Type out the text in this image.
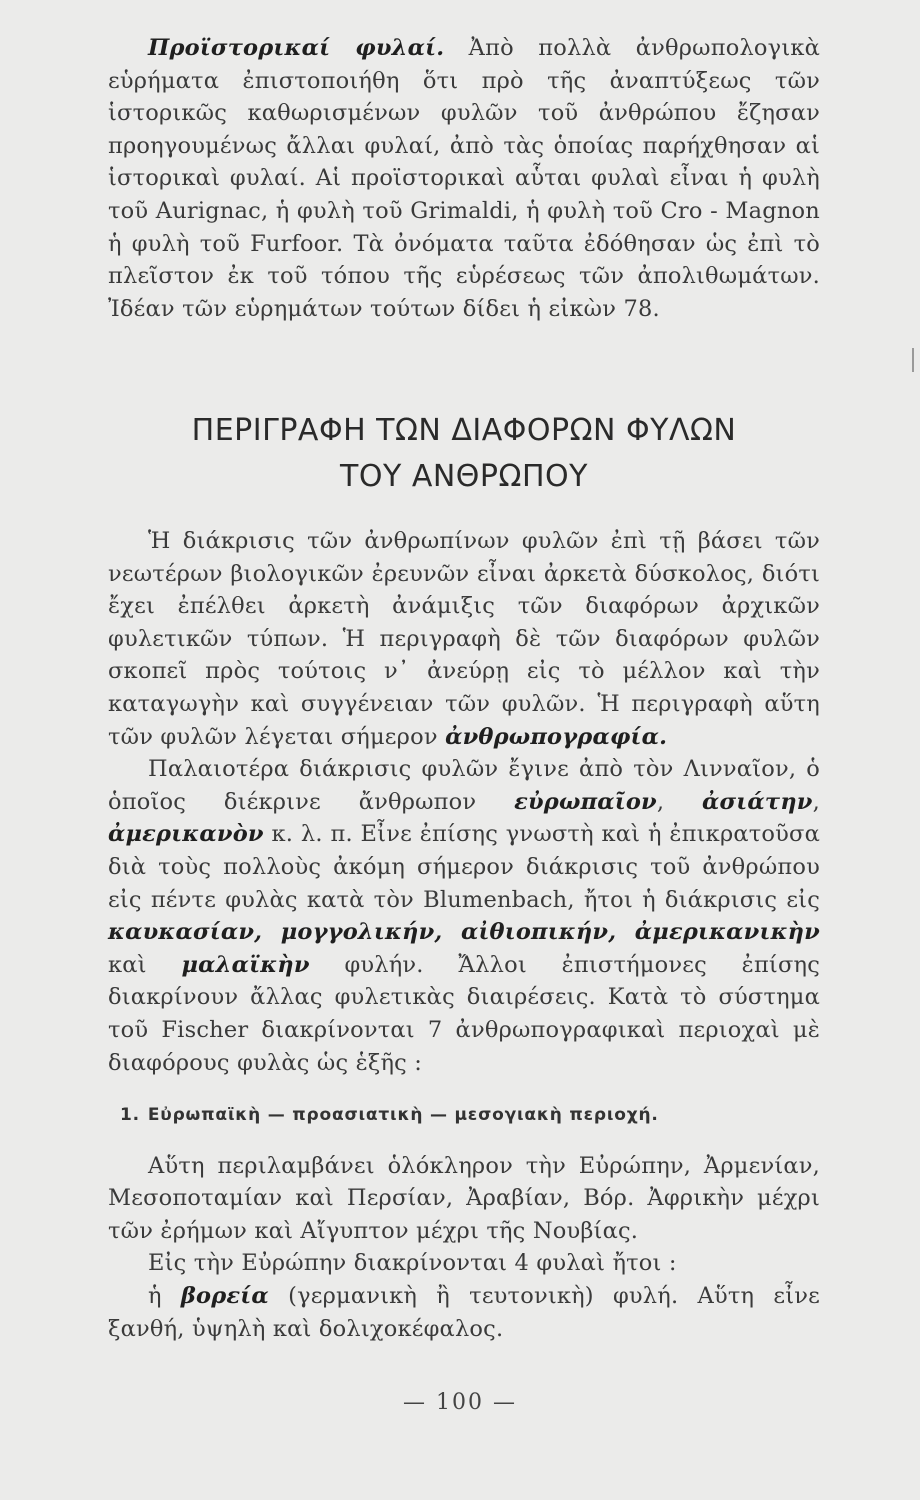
Προϊστορικαί φυλαί. Ἀπὸ πολλὰ ἀνθρωπολογικὰ εὑρήματα ἐπιστοποιήθη ὅτι πρὸ τῆς ἀναπτύξεως τῶν ἱστορικῶς καθωρισμένων φυλῶν τοῦ ἀνθρώπου ἔζησαν προηγουμένως ἄλλαι φυλαί, ἀπὸ τὰς ὁποίας παρήχθησαν αἱ ἱστορικαὶ φυλαί. Αἱ προϊστορικαὶ αὗται φυλαὶ εἶναι ἡ φυλὴ τοῦ Aurignac, ἡ φυλὴ τοῦ Grimaldi, ἡ φυλὴ τοῦ Cro - Magnon ἡ φυλὴ τοῦ Furfoor. Τὰ ὀνόματα ταῦτα ἐδόθησαν ὡς ἐπὶ τὸ πλεῖστον ἐκ τοῦ τόπου τῆς εὑρέσεως τῶν ἀπολιθωμάτων. Ἰδέαν τῶν εὑρημάτων τούτων δίδει ἡ εἰκὼν 78.

ΠΕΡΙΓΡΑΦΗ ΤΩΝ ΔΙΑΦΟΡΩΝ ΦΥΛΩΝ
ΤΟΥ ΑΝΘΡΩΠΟΥ

Ἡ διάκρισις τῶν ἀνθρωπίνων φυλῶν ἐπὶ τῇ βάσει τῶν νεωτέρων βιολογικῶν ἐρευνῶν εἶναι ἀρκετὰ δύσκολος, διότι ἔχει ἐπέλθει ἀρκετὴ ἀνάμιξις τῶν διαφόρων ἀρχικῶν φυλετικῶν τύπων. Ἡ περιγραφὴ δὲ τῶν διαφόρων φυλῶν σκοπεῖ πρὸς τούτοις ν᾽ ἀνεύρῃ εἰς τὸ μέλλον καὶ τὴν καταγωγὴν καὶ συγγένειαν τῶν φυλῶν. Ἡ περιγραφὴ αὕτη τῶν φυλῶν λέγεται σήμερον ἀνθρωπογραφία.

Παλαιοτέρα διάκρισις φυλῶν ἔγινε ἀπὸ τὸν Λινναῖον, ὁ ὁποῖος διέκρινε ἄνθρωπον εὐρωπαῖον, ἀσιάτην, ἀμερικανὸν κ. λ. π. Εἶνε ἐπίσης γνωστὴ καὶ ἡ ἐπικρατοῦσα διὰ τοὺς πολλοὺς ἀκόμη σήμερον διάκρισις τοῦ ἀνθρώπου εἰς πέντε φυλὰς κατὰ τὸν Blumenbach, ἤτοι ἡ διάκρισις εἰς καυκασίαν, μογγολικήν, αἰθιοπικήν, ἀμερικανικὴν καὶ μαλαϊκὴν φυλήν. Ἄλλοι ἐπιστήμονες ἐπίσης διακρίνουν ἄλλας φυλετικὰς διαιρέσεις. Κατὰ τὸ σύστημα τοῦ Fischer διακρίνονται 7 ἀνθρωπογραφικαὶ περιοχαὶ μὲ διαφόρους φυλὰς ὡς ἑξῆς :

1. Εὐρωπαϊκὴ — προασιατικὴ — μεσογιακὴ περιοχή.

Αὕτη περιλαμβάνει ὁλόκληρον τὴν Εὐρώπην, Ἀρμενίαν, Μεσοποταμίαν καὶ Περσίαν, Ἀραβίαν, Βόρ. Ἀφρικὴν μέχρι τῶν ἐρήμων καὶ Αἴγυπτον μέχρι τῆς Νουβίας.

Εἰς τὴν Εὐρώπην διακρίνονται 4 φυλαὶ ἤτοι :

ἡ βορεία (γερμανικὴ ἢ τευτονικὴ) φυλή. Αὕτη εἶνε ξανθή, ὑψηλὴ καὶ δολιχοκέφαλος.

— 100 —
